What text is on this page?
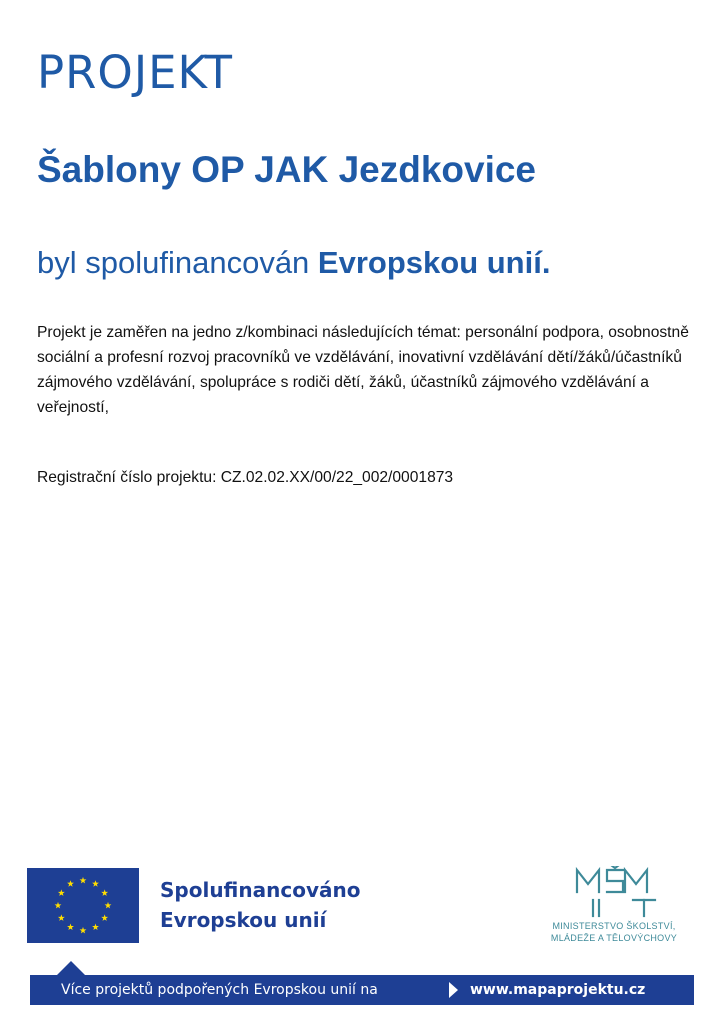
PROJEKT
Šablony OP JAK Jezdkovice
byl spolufinancován Evropskou unií.

Projekt je zaměřen na jedno z/kombinaci následujících témat: personální podpora, osobnostně sociální a profesní rozvoj pracovníků ve vzdělávání, inovativní vzdělávání dětí/žáků/účastníků zájmového vzdělávání, spolupráce s rodiči dětí, žáků, účastníků zájmového vzdělávání a veřejností,

Registrační číslo projektu: CZ.02.02.XX/00/22_002/0001873
Spolufinancováno
Evropskou unií	MINISTERSTVO ŠKOLSTVÍ,
MLÁDEŽE A TĚLOVÝCHOVY
Více projektů podpořených Evropskou unií na	www.mapaprojektu.cz
